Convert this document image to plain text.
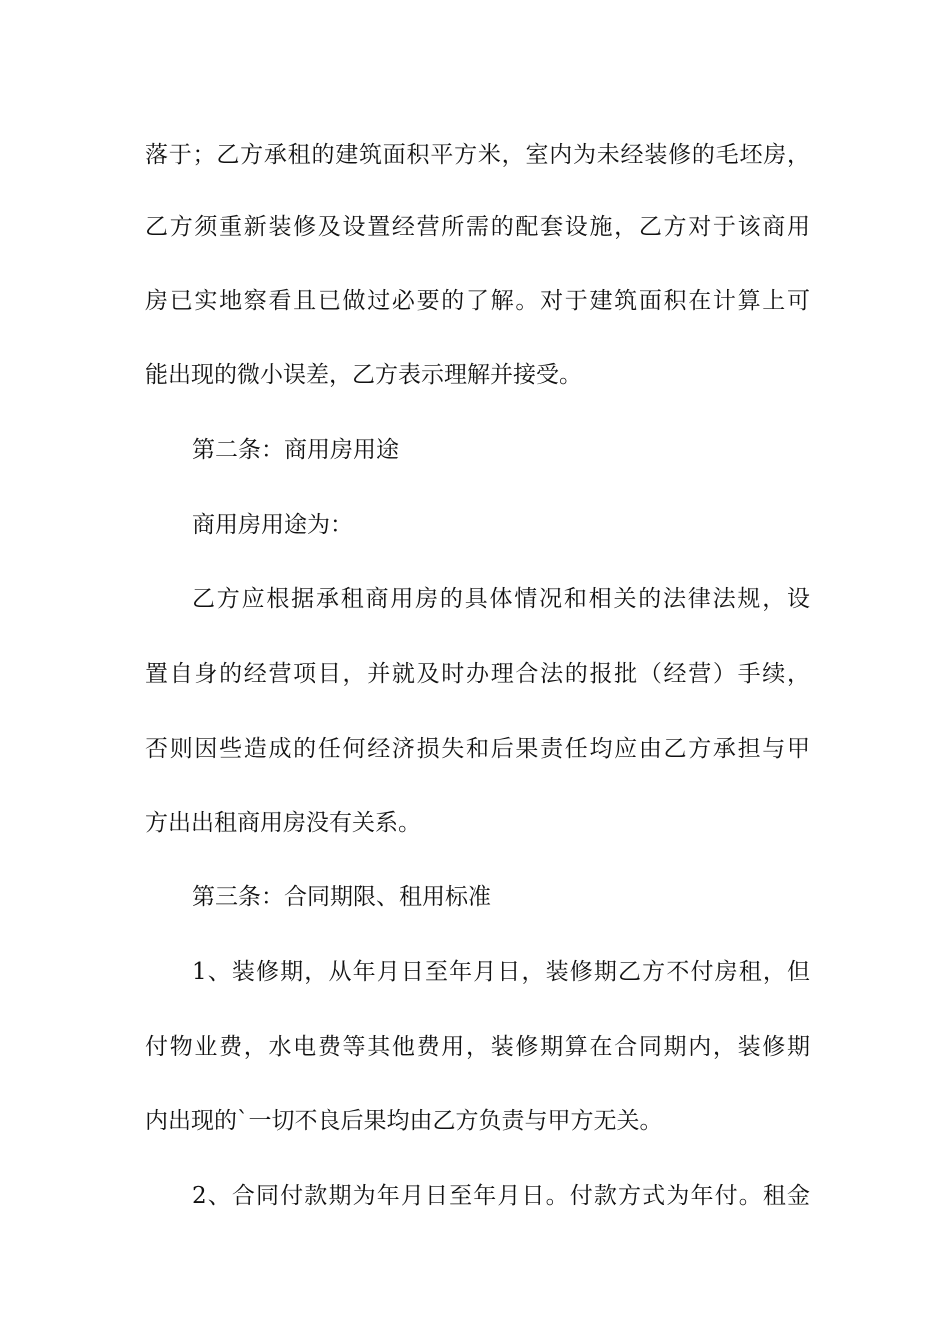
落于；乙方承租的建筑面积平方米，室内为未经装修的毛坯房，
乙方须重新装修及设置经营所需的配套设施，乙方对于该商用
房已实地察看且已做过必要的了解。对于建筑面积在计算上可
能出现的微小误差，乙方表示理解并接受。
第二条：商用房用途
商用房用途为：
乙方应根据承租商用房的具体情况和相关的法律法规，设
置自身的经营项目，并就及时办理合法的报批（经营）手续，
否则因些造成的任何经济损失和后果责任均应由乙方承担与甲
方出出租商用房没有关系。
第三条：合同期限、租用标准
1、装修期，从年月日至年月日，装修期乙方不付房租，但
付物业费，水电费等其他费用，装修期算在合同期内，装修期
内出现的`一切不良后果均由乙方负责与甲方无关。
2、合同付款期为年月日至年月日。付款方式为年付。租金
